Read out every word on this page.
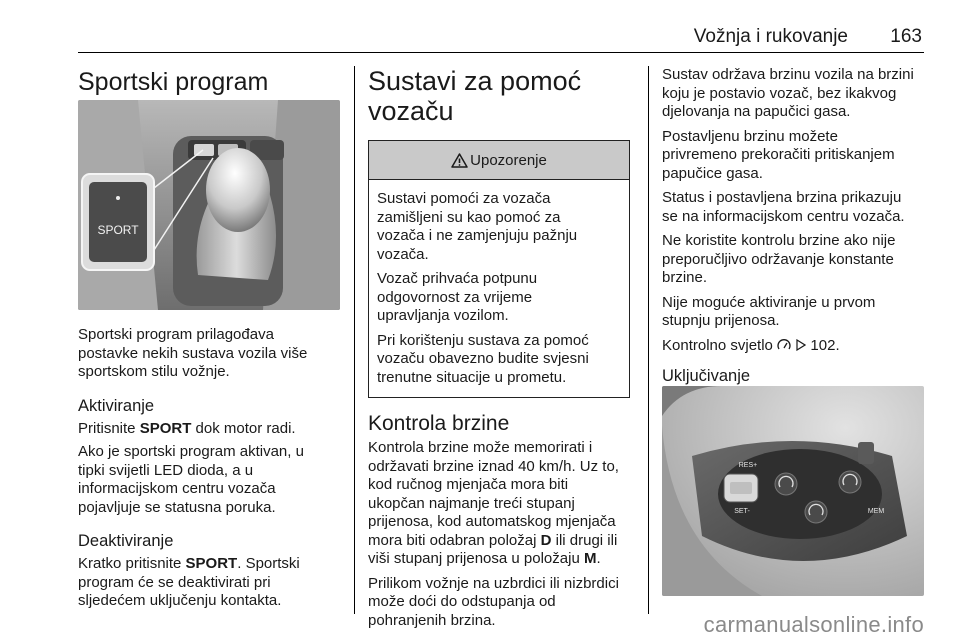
Vožnja i rukovanje 163
Sportski program
SPORT

Sportski program prilagođava

postavke nekih sustava vozila više

sportskom stilu vožnje.

Aktiviranje

Pritisnite SPORT dok motor radi.

Ako je sportski program aktivan, u

tipki svijetli LED dioda, a u

informacijskom centru vozača

pojavljuje se statusna poruka.

Deaktiviranje

Kratko pritisnite SPORT. Sportski

program će se deaktivirati pri

sljedećem uključenju kontakta.

Sustavi za pomoć
vozaču
Upozorenje

Sustavi pomoći za vozača
zamišljeni su kao pomoć za
vozača i ne zamjenjuju pažnju
vozača.

Vozač prihvaća potpunu
odgovornost za vrijeme
upravljanja vozilom.

Pri korištenju sustava za pomoć
vozaču obavezno budite svjesni
trenutne situacije u prometu.

Kontrola brzine

Kontrola brzine može memorirati i

održavati brzine iznad 40 km/h. Uz to,

kod ručnog mjenjača mora biti

ukopčan najmanje treći stupanj

prijenosa, kod automatskog mjenjača

mora biti odabran položaj D ili drugi ili

viši stupanj prijenosa u položaju M.

Prilikom vožnje na uzbrdici ili nizbrdici

može doći do odstupanja od

pohranjenih brzina.

Sustav održava brzinu vozila na brzini

koju je postavio vozač, bez ikakvog

djelovanja na papučici gasa.

Postavljenu brzinu možete

privremeno prekoračiti pritiskanjem

papučice gasa.

Status i postavljena brzina prikazuju

se na informacijskom centru vozača.

Ne koristite kontrolu brzine ako nije

preporučljivo održavanje konstante

brzine.

Nije moguće aktiviranje u prvom

stupnju prijenosa.

Kontrolno svjetlo   102.

Uključivanje
RES+
SET-	MEM
carmanualsonline.info
